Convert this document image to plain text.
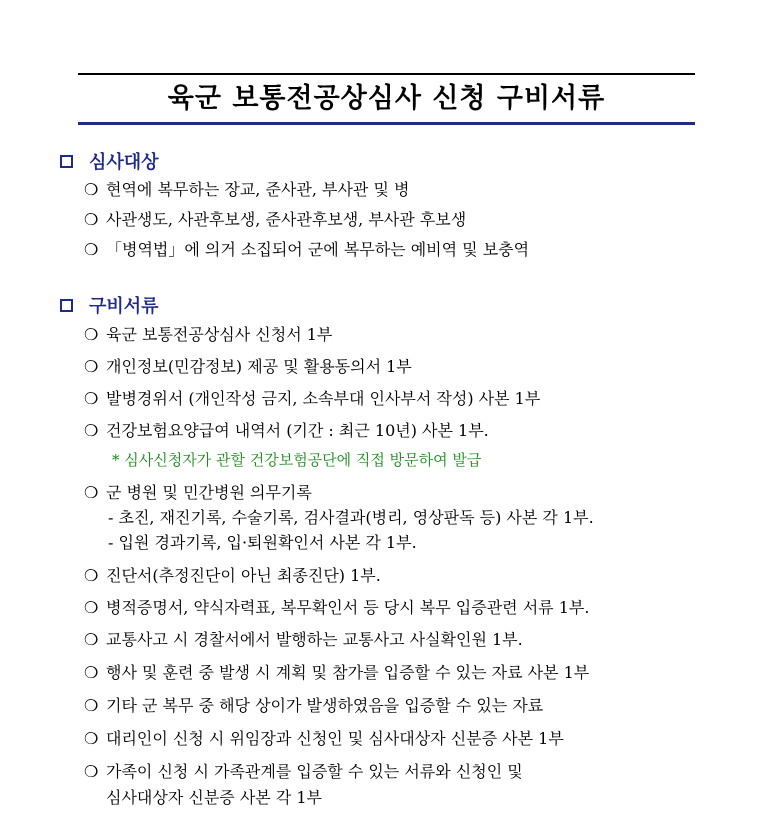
육군 보통전공상심사 신청 구비서류
심사대상
❍ 현역에 복무하는 장교, 준사관, 부사관 및 병
❍ 사관생도, 사관후보생, 준사관후보생, 부사관 후보생
❍ 「병역법」에 의거 소집되어 군에 복무하는 예비역 및 보충역
구비서류
❍ 육군 보통전공상심사 신청서 1부
❍ 개인정보(민감정보) 제공 및 활용동의서 1부
❍ 발병경위서 (개인작성 금지, 소속부대 인사부서 작성) 사본 1부
❍ 건강보험요양급여 내역서 (기간 : 최근 10년) 사본 1부.
* 심사신청자가 관할 건강보험공단에 직접 방문하여 발급
❍ 군 병원 및 민간병원 의무기록
- 초진, 재진기록, 수술기록, 검사결과(병리, 영상판독 등) 사본 각 1부.
- 입원 경과기록, 입·퇴원확인서 사본 각 1부.
❍ 진단서(추정진단이 아닌 최종진단) 1부.
❍ 병적증명서, 약식자력표, 복무확인서 등 당시 복무 입증관련 서류 1부.
❍ 교통사고 시 경찰서에서 발행하는 교통사고 사실확인원 1부.
❍ 행사 및 훈련 중 발생 시 계획 및 참가를 입증할 수 있는 자료 사본 1부
❍ 기타 군 복무 중 해당 상이가 발생하였음을 입증할 수 있는 자료
❍ 대리인이 신청 시 위임장과 신청인 및 심사대상자 신분증 사본 1부
❍ 가족이 신청 시 가족관계를 입증할 수 있는 서류와 신청인 및
심사대상자 신분증 사본 각 1부
